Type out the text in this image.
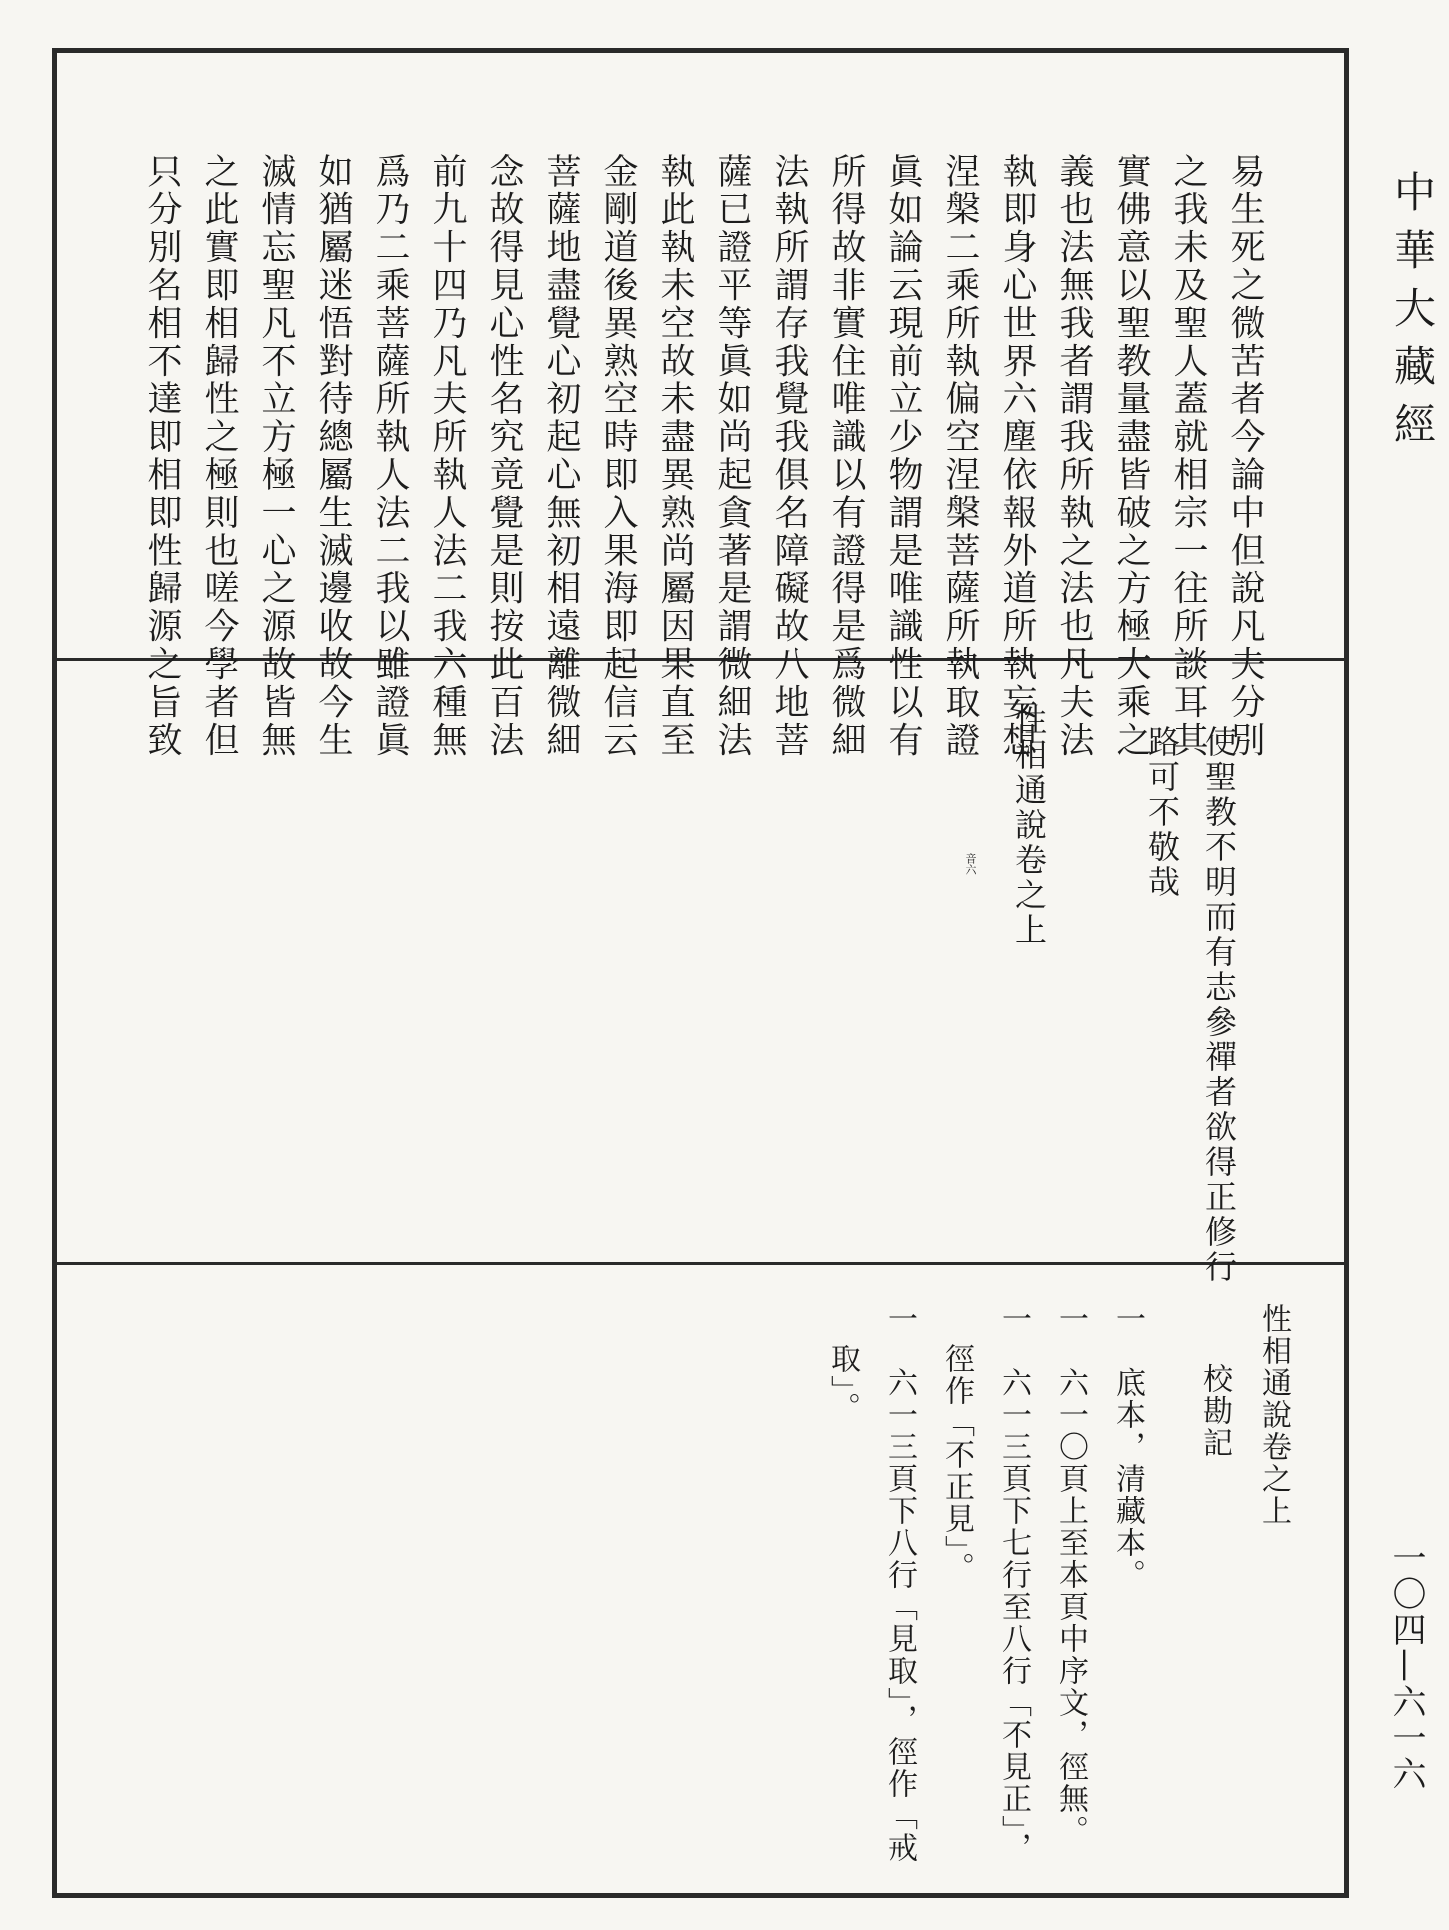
中華大藏經
一〇四—六一六
易生死之微苦者今論中但說凡夫分別
之我未及聖人蓋就相宗一往所談耳其
實佛意以聖教量盡皆破之方極大乘之
義也法無我者謂我所執之法也凡夫法
執即身心世界六塵依報外道所執妄想
涅槃二乘所執偏空涅槃菩薩所執取證
眞如論云現前立少物謂是唯識性以有
所得故非實住唯識以有證得是爲微細
法執所謂存我覺我俱名障礙故八地菩
薩已證平等眞如尚起貪著是謂微細法
執此執未空故未盡異熟尚屬因果直至
金剛道後異熟空時即入果海即起信云
菩薩地盡覺心初起心無初相遠離微細
念故得見心性名究竟覺是則按此百法
前九十四乃凡夫所執人法二我六種無
爲乃二乘菩薩所執人法二我以雖證眞
如猶屬迷悟對待總屬生滅邊收故今生
滅情忘聖凡不立方極一心之源故皆無
之此實即相歸性之極則也嗟今學者但
只分別名相不達即相即性歸源之旨致
使聖教不明而有志參禪者欲得正修行
路可不敬哉
性相通說卷之上
音六
性相通說卷之上
校勘記
一　底本，清藏本。
一　六一〇頁上至本頁中序文，徑無。
一　六一三頁下七行至八行「不見正」，
徑作「不正見」。
一　六一三頁下八行「見取」，徑作「戒
取」。
